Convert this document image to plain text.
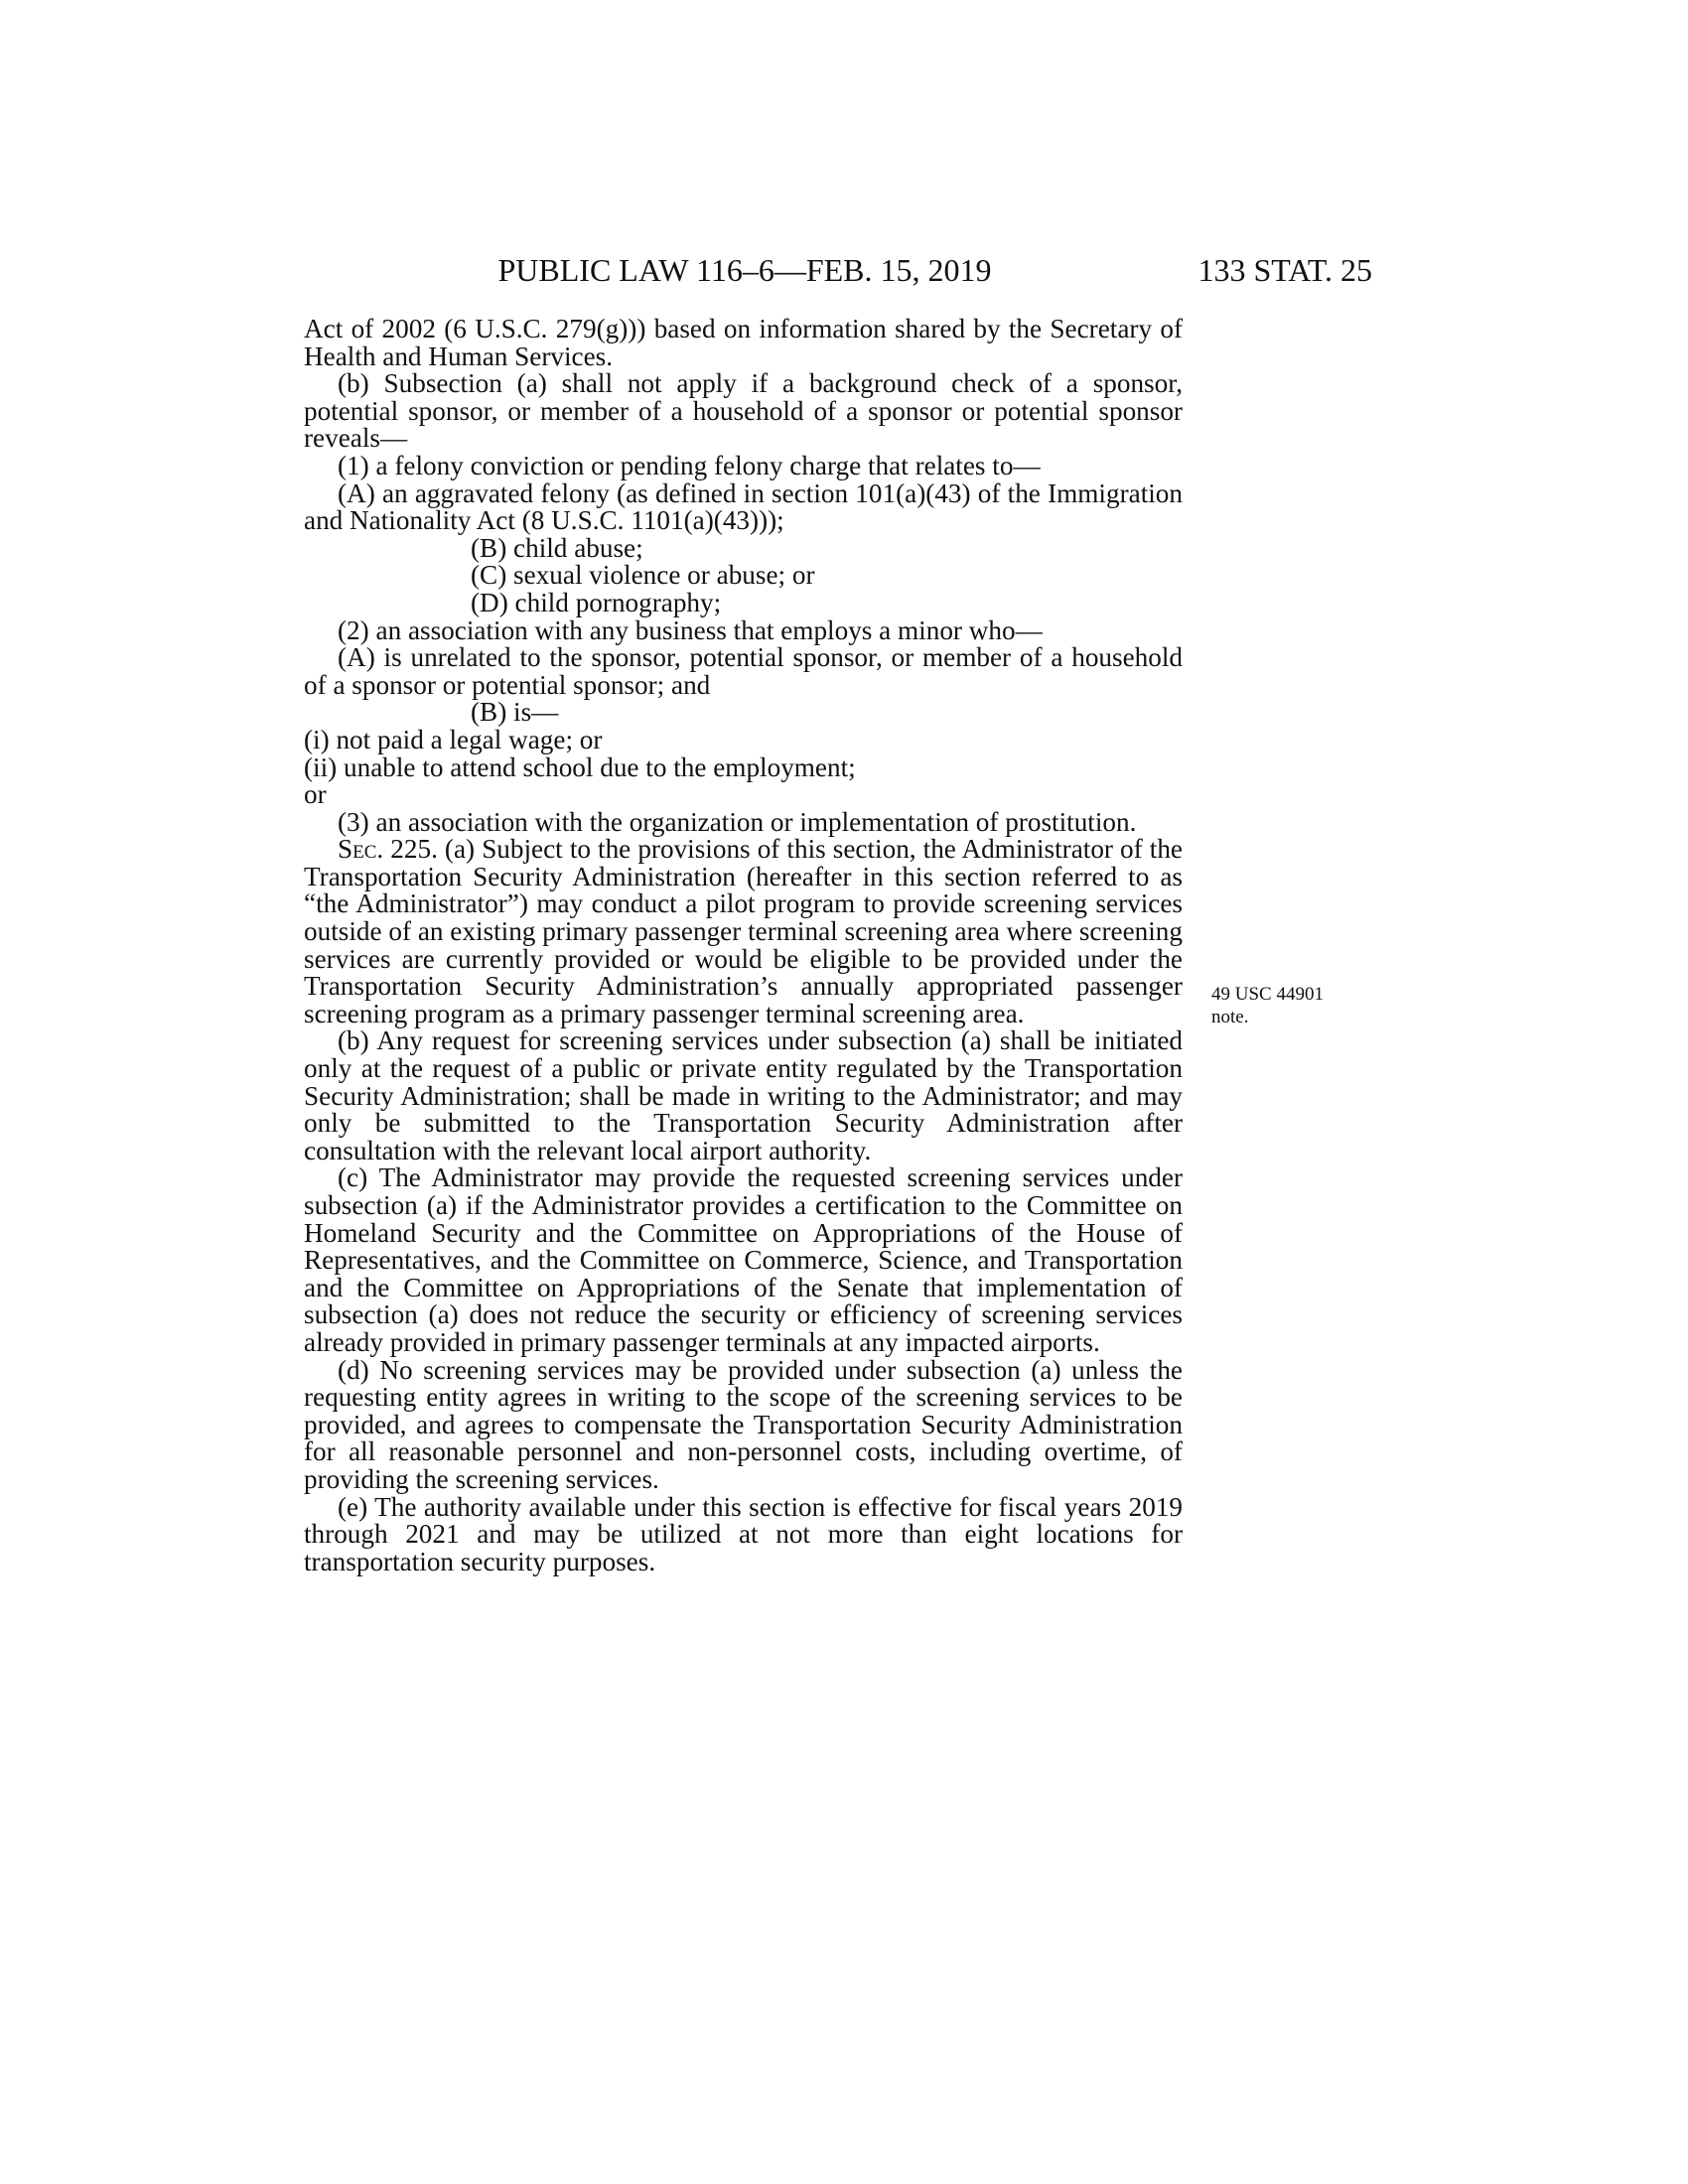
PUBLIC LAW 116–6—FEB. 15, 2019	133 STAT. 25
49 USC 44901
note.

Act of 2002 (6 U.S.C. 279(g))) based on information shared by the Secretary of Health and Human Services.

(b) Subsection (a) shall not apply if a background check of a sponsor, potential sponsor, or member of a household of a sponsor or potential sponsor reveals—

(1) a felony conviction or pending felony charge that relates to—

(A) an aggravated felony (as defined in section 101(a)(43) of the Immigration and Nationality Act (8 U.S.C. 1101(a)(43)));

(B) child abuse;

(C) sexual violence or abuse; or

(D) child pornography;

(2) an association with any business that employs a minor who—

(A) is unrelated to the sponsor, potential sponsor, or member of a household of a sponsor or potential sponsor; and

(B) is—

(i) not paid a legal wage; or

(ii) unable to attend school due to the employment;

or

(3) an association with the organization or implementation of prostitution.

Sec. 225. (a) Subject to the provisions of this section, the Administrator of the Transportation Security Administration (hereafter in this section referred to as “the Administrator”) may conduct a pilot program to provide screening services outside of an existing primary passenger terminal screening area where screening services are currently provided or would be eligible to be provided under the Transportation Security Administration’s annually appropriated passenger screening program as a primary passenger terminal screening area.

(b) Any request for screening services under subsection (a) shall be initiated only at the request of a public or private entity regulated by the Transportation Security Administration; shall be made in writing to the Administrator; and may only be submitted to the Transportation Security Administration after consultation with the relevant local airport authority.

(c) The Administrator may provide the requested screening services under subsection (a) if the Administrator provides a certification to the Committee on Homeland Security and the Committee on Appropriations of the House of Representatives, and the Committee on Commerce, Science, and Transportation and the Committee on Appropriations of the Senate that implementation of subsection (a) does not reduce the security or efficiency of screening services already provided in primary passenger terminals at any impacted airports.

(d) No screening services may be provided under subsection (a) unless the requesting entity agrees in writing to the scope of the screening services to be provided, and agrees to compensate the Transportation Security Administration for all reasonable personnel and non-personnel costs, including overtime, of providing the screening services.

(e) The authority available under this section is effective for fiscal years 2019 through 2021 and may be utilized at not more than eight locations for transportation security purposes.
